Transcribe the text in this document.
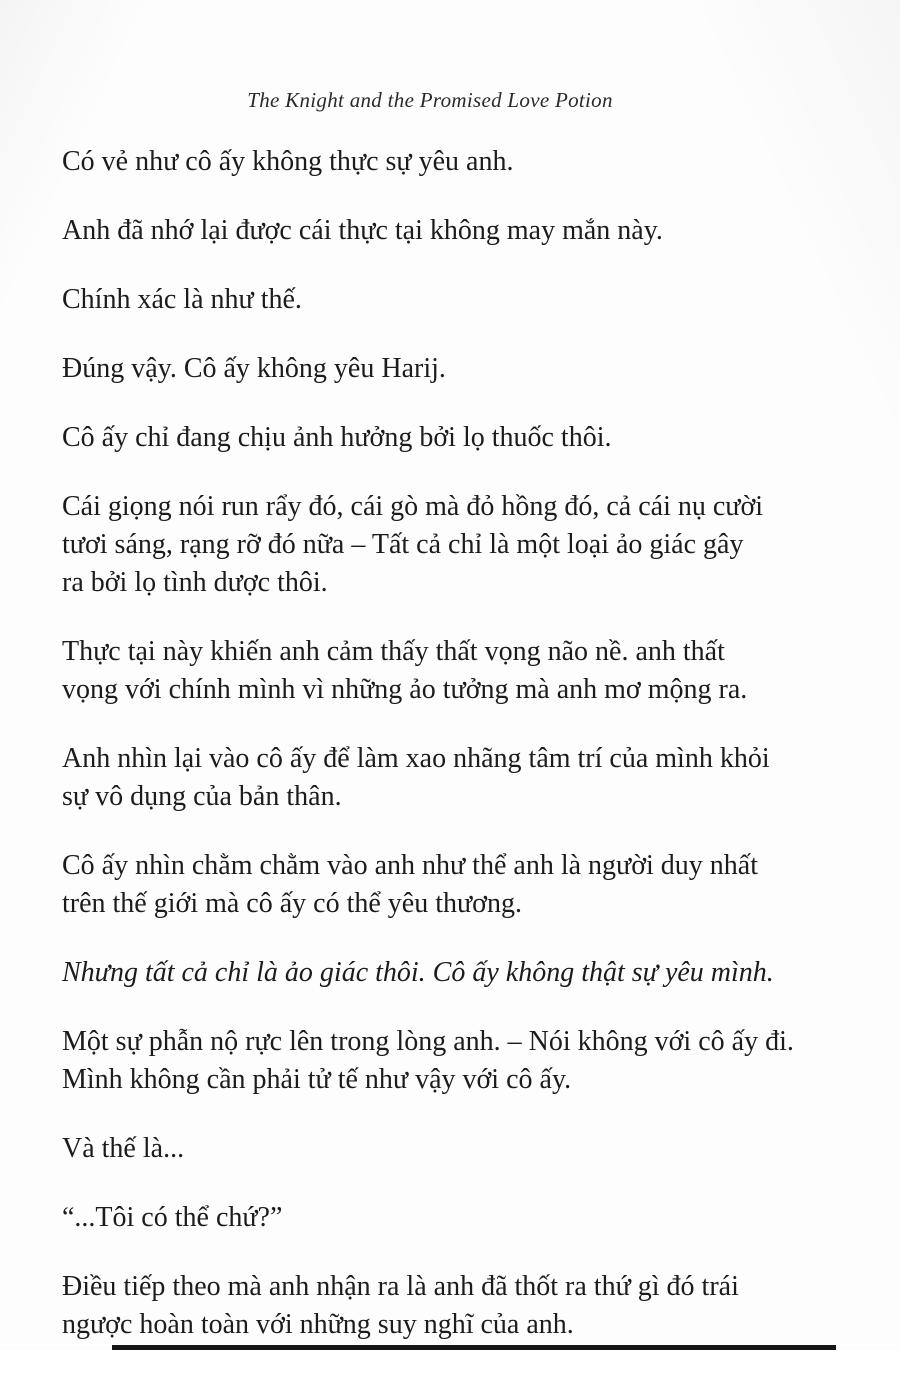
The Knight and the Promised Love Potion

Có vẻ như cô ấy không thực sự yêu anh.

Anh đã nhớ lại được cái thực tại không may mắn này.

Chính xác là như thế.

Đúng vậy. Cô ấy không yêu Harij.

Cô ấy chỉ đang chịu ảnh hưởng bởi lọ thuốc thôi.

Cái giọng nói run rẩy đó, cái gò mà đỏ hồng đó, cả cái nụ cười
tươi sáng, rạng rỡ đó nữa – Tất cả chỉ là một loại ảo giác gây
ra bởi lọ tình dược thôi.

Thực tại này khiến anh cảm thấy thất vọng não nề. anh thất
vọng với chính mình vì những ảo tưởng mà anh mơ mộng ra.

Anh nhìn lại vào cô ấy để làm xao nhãng tâm trí của mình khỏi
sự vô dụng của bản thân.

Cô ấy nhìn chằm chằm vào anh như thể anh là người duy nhất
trên thế giới mà cô ấy có thể yêu thương.

Nhưng tất cả chỉ là ảo giác thôi. Cô ấy không thật sự yêu mình.

Một sự phẫn nộ rực lên trong lòng anh. – Nói không với cô ấy đi.
Mình không cần phải tử tế như vậy với cô ấy.

Và thế là...

“...Tôi có thể chứ?”

Điều tiếp theo mà anh nhận ra là anh đã thốt ra thứ gì đó trái
ngược hoàn toàn với những suy nghĩ của anh.
